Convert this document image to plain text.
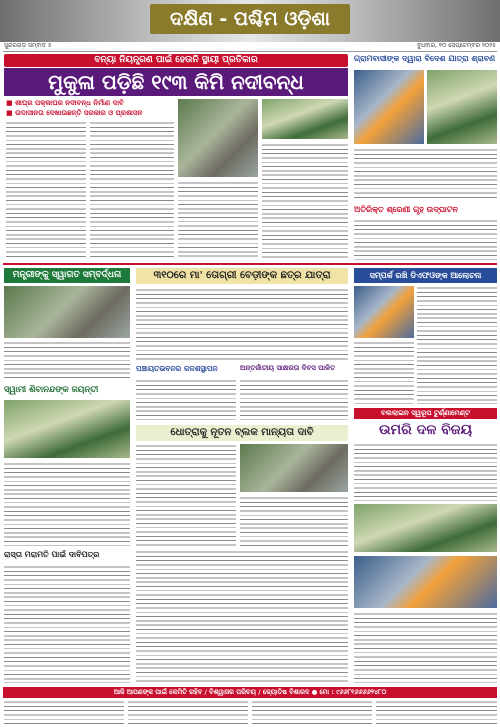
ଦକ୍ଷିଣ - ପଶ୍ଚିମ ଓଡ଼ିଶା
ସୁନ୍ଦରଗଡ଼ ସମ୍ବାଦ ୫	ବୁଧବାର, ୧୦ ସେପ୍ଟେମ୍ବର ୨୦୨୫
ବନ୍ୟା ନିୟନ୍ତ୍ରଣ ପାଇଁ ହେଉନି ସ୍ଥାୟୀ ପ୍ରତିକାର
ମୁକୁଳା ପଡ଼ିଛି ୧୯୩ କିମି ନଦୀବନ୍ଧ
■ ଶୀଘ୍ର ପକ୍କାଘର ନଦୀବନ୍ଧ ନିର୍ମାଣ ଦାବି
■ ଉଦାସୀନତା ଦେଖାଉଛନ୍ତି ସରକାର ଓ ପ୍ରଶାସନ
ଗ୍ରାମବାସୀଙ୍କ ଦ୍ୱାରା ବିଦେଶ ଯାତ୍ରା ଶ୍ରାବଣ
ଅତିରିକ୍ତ ଶ୍ରେଣୀ ଗୃହ ଉଦ୍‌ଘାଟନ
ମନ୍ତ୍ରୀଙ୍କୁ ସ୍ୱାଗତ ସମ୍ବର୍ଦ୍ଧନା	୩୧୦ରେ ମା' ତୋଗ୍ରୀ ବେଡ଼ୀଙ୍କ ଛତ୍ର ଯାତ୍ରା	ସମ୍ପର୍କ ରଖି ଡିଏଫଓଙ୍କ ଆଲୋଚନା
ସ୍ୱାମୀ ଶିବାନନ୍ଦଙ୍କ ଜୟନ୍ତୀ
ପଞ୍ଚାୟତଭବନର କଳଶସ୍ଥାପନ	ଅନ୍ତର୍ଜାତୀୟ ସାକ୍ଷରତା ଦିବସ ପାଳିତ
ଧୋତ୍ରାକୁ ନୂତନ ବ୍ଲକ ମାନ୍ୟତା ଦାବି
ରାସ୍ତା ମରାମତି ପାଇଁ ଦାବିପତ୍ର
ବଲଲାଇନ ସ୍ୱରୂପ ଟୁର୍ଣ୍ଣାମେଣ୍ଟ
ଉମରି ଦଳ ବିଜୟ
ଆଜି ଆପଣଙ୍କ ପାଇଁ କେମିତି ରହିବ / ବିଶ୍ୱାସର ପରିଚୟ / ଜ୍ୟୋତିଷ ବିଶାରଦ ● ମୋ : ୯୬୬୮୧୬୬୬୬୨୪୮୦
